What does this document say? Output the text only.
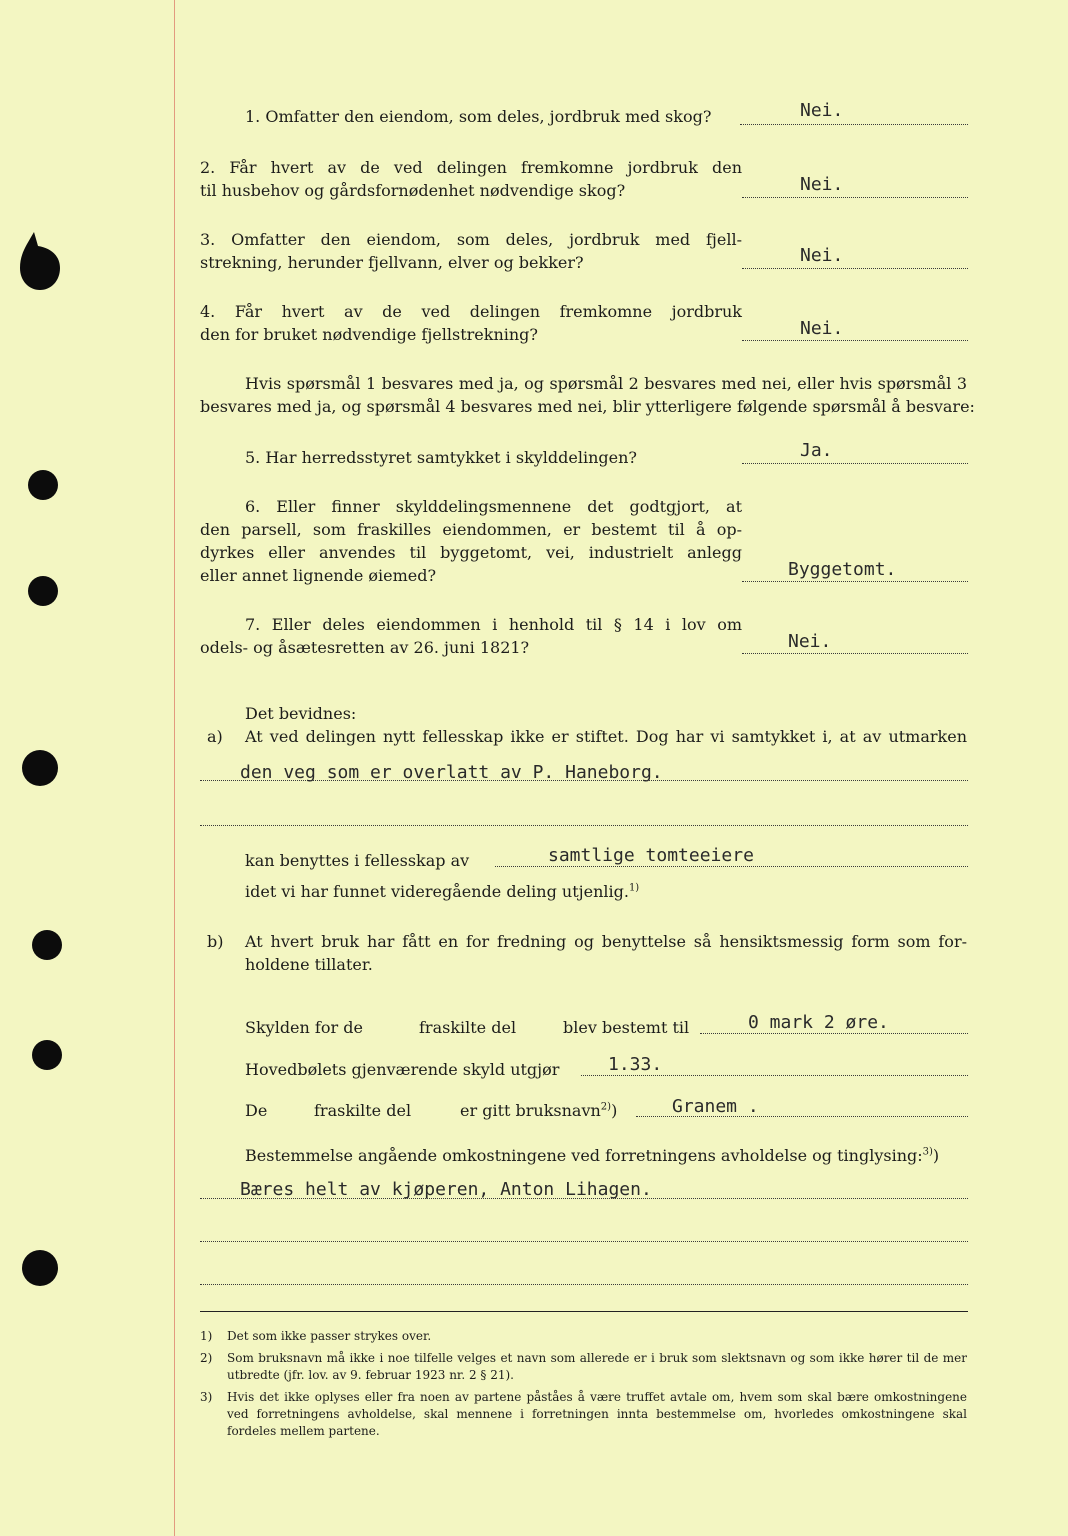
1. Omfatter den eiendom, som deles, jordbruk med skog?	Nei.
2. Får hvert av de ved delingen fremkomne jordbruk den
til husbehov og gårdsfornødenhet nødvendige skog?	Nei.
3. Omfatter den eiendom, som deles, jordbruk med fjell-
strekning, herunder fjellvann, elver og bekker?	Nei.
4. Får hvert av de ved delingen fremkomne jordbruk
den for bruket nødvendige fjellstrekning?	Nei.
Hvis spørsmål 1 besvares med ja, og spørsmål 2 besvares med nei, eller hvis spørsmål 3
besvares med ja, og spørsmål 4 besvares med nei, blir ytterligere følgende spørsmål å besvare:
5. Har herredsstyret samtykket i skylddelingen?	Ja.
6. Eller finner skylddelingsmennene det godtgjort, at
den parsell, som fraskilles eiendommen, er bestemt til å op-
dyrkes eller anvendes til byggetomt, vei, industrielt anlegg
eller annet lignende øiemed?	Byggetomt.
7. Eller deles eiendommen i henhold til § 14 i lov om
odels- og åsætesretten av 26. juni 1821?	Nei.
Det bevidnes:
a) At ved delingen nytt fellesskap ikke er stiftet. Dog har vi samtykket i, at av utmarken
den veg som er overlatt av P. Haneborg.
kan benyttes i fellesskap av	samtlige tomteeiere
idet vi har funnet videregående deling utjenlig.$^{1)}$
b) At hvert bruk har fått en for fredning og benyttelse så hensiktsmessig form som for-
holdene tillater.
Skylden for de	fraskilte del	blev bestemt til	0 mark 2 øre.
Hovedbølets gjenværende skyld utgjør	1.33.
De	fraskilte del	er gitt bruksnavn$^{2)}$)	Granem .
Bestemmelse angående omkostningene ved forretningens avholdelse og tinglysing:$^{3)}$)
Bæres helt av kjøperen, Anton Lihagen.
1) Det som ikke passer strykes over.
2) Som bruksnavn må ikke i noe tilfelle velges et navn som allerede er i bruk som slektsnavn og som ikke hører til de mer utbredte (jfr. lov. av 9. februar 1923 nr. 2 § 21).
3) Hvis det ikke oplyses eller fra noen av partene påståes å være truffet avtale om, hvem som skal bære omkostningene ved forretningens avholdelse, skal mennene i forretningen innta bestemmelse om, hvorledes omkostningene skal fordeles mellem partene.
